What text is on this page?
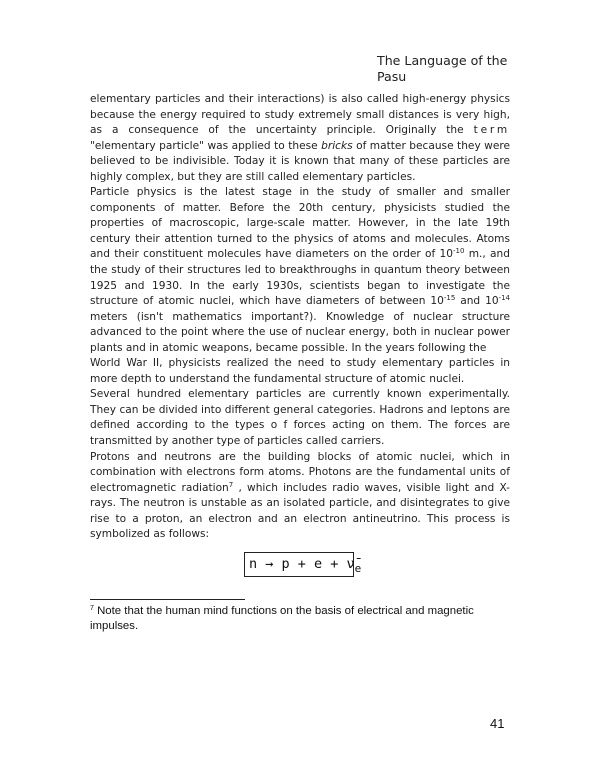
The Language of the Pasu

elementary particles and their interactions) is also called high-energy physics because the energy required to study extremely small distances is very high, as a consequence of the uncertainty principle. Originally the term "elementary particle" was applied to these bricks of matter because they were believed to be indivisible. Today it is known that many of these particles are highly complex, but they are still called elementary particles.

Particle physics is the latest stage in the study of smaller and smaller components of matter. Before the 20th century, physicists studied the properties of macroscopic, large-scale matter. However, in the late 19th century their attention turned to the physics of atoms and molecules. Atoms and their constituent molecules have diameters on the order of $10^{-10}$ m., and the study of their structures led to breakthroughs in quantum theory between 1925 and 1930. In the early 1930s, scientists began to investigate the structure of atomic nuclei, which have diameters of between $10^{-15}$ and $10^{-14}$ meters (isn't mathematics important?). Knowledge of nuclear structure advanced to the point where the use of nuclear energy, both in nuclear power plants and in atomic weapons, became possible. In the years following the

World War II, physicists realized the need to study elementary particles in more depth to understand the fundamental structure of atomic nuclei.

Several hundred elementary particles are currently known experimentally. They can be divided into different general categories. Hadrons and leptons are defined according to the types o f forces acting on them. The forces are transmitted by another type of particles called carriers.

Protons and neutrons are the building blocks of atomic nuclei, which in combination with electrons form atoms. Photons are the fundamental units of electromagnetic radiation$^7$ , which includes radio waves, visible light and X-rays. The neutron is unstable as an isolated particle, and disintegrates to give rise to a proton, an electron and an electron antineutrino. This process is symbolized as follows:

$n \to p + e + \nū_e$
$^7$ Note that the human mind functions on the basis of electrical and magnetic impulses.
41
